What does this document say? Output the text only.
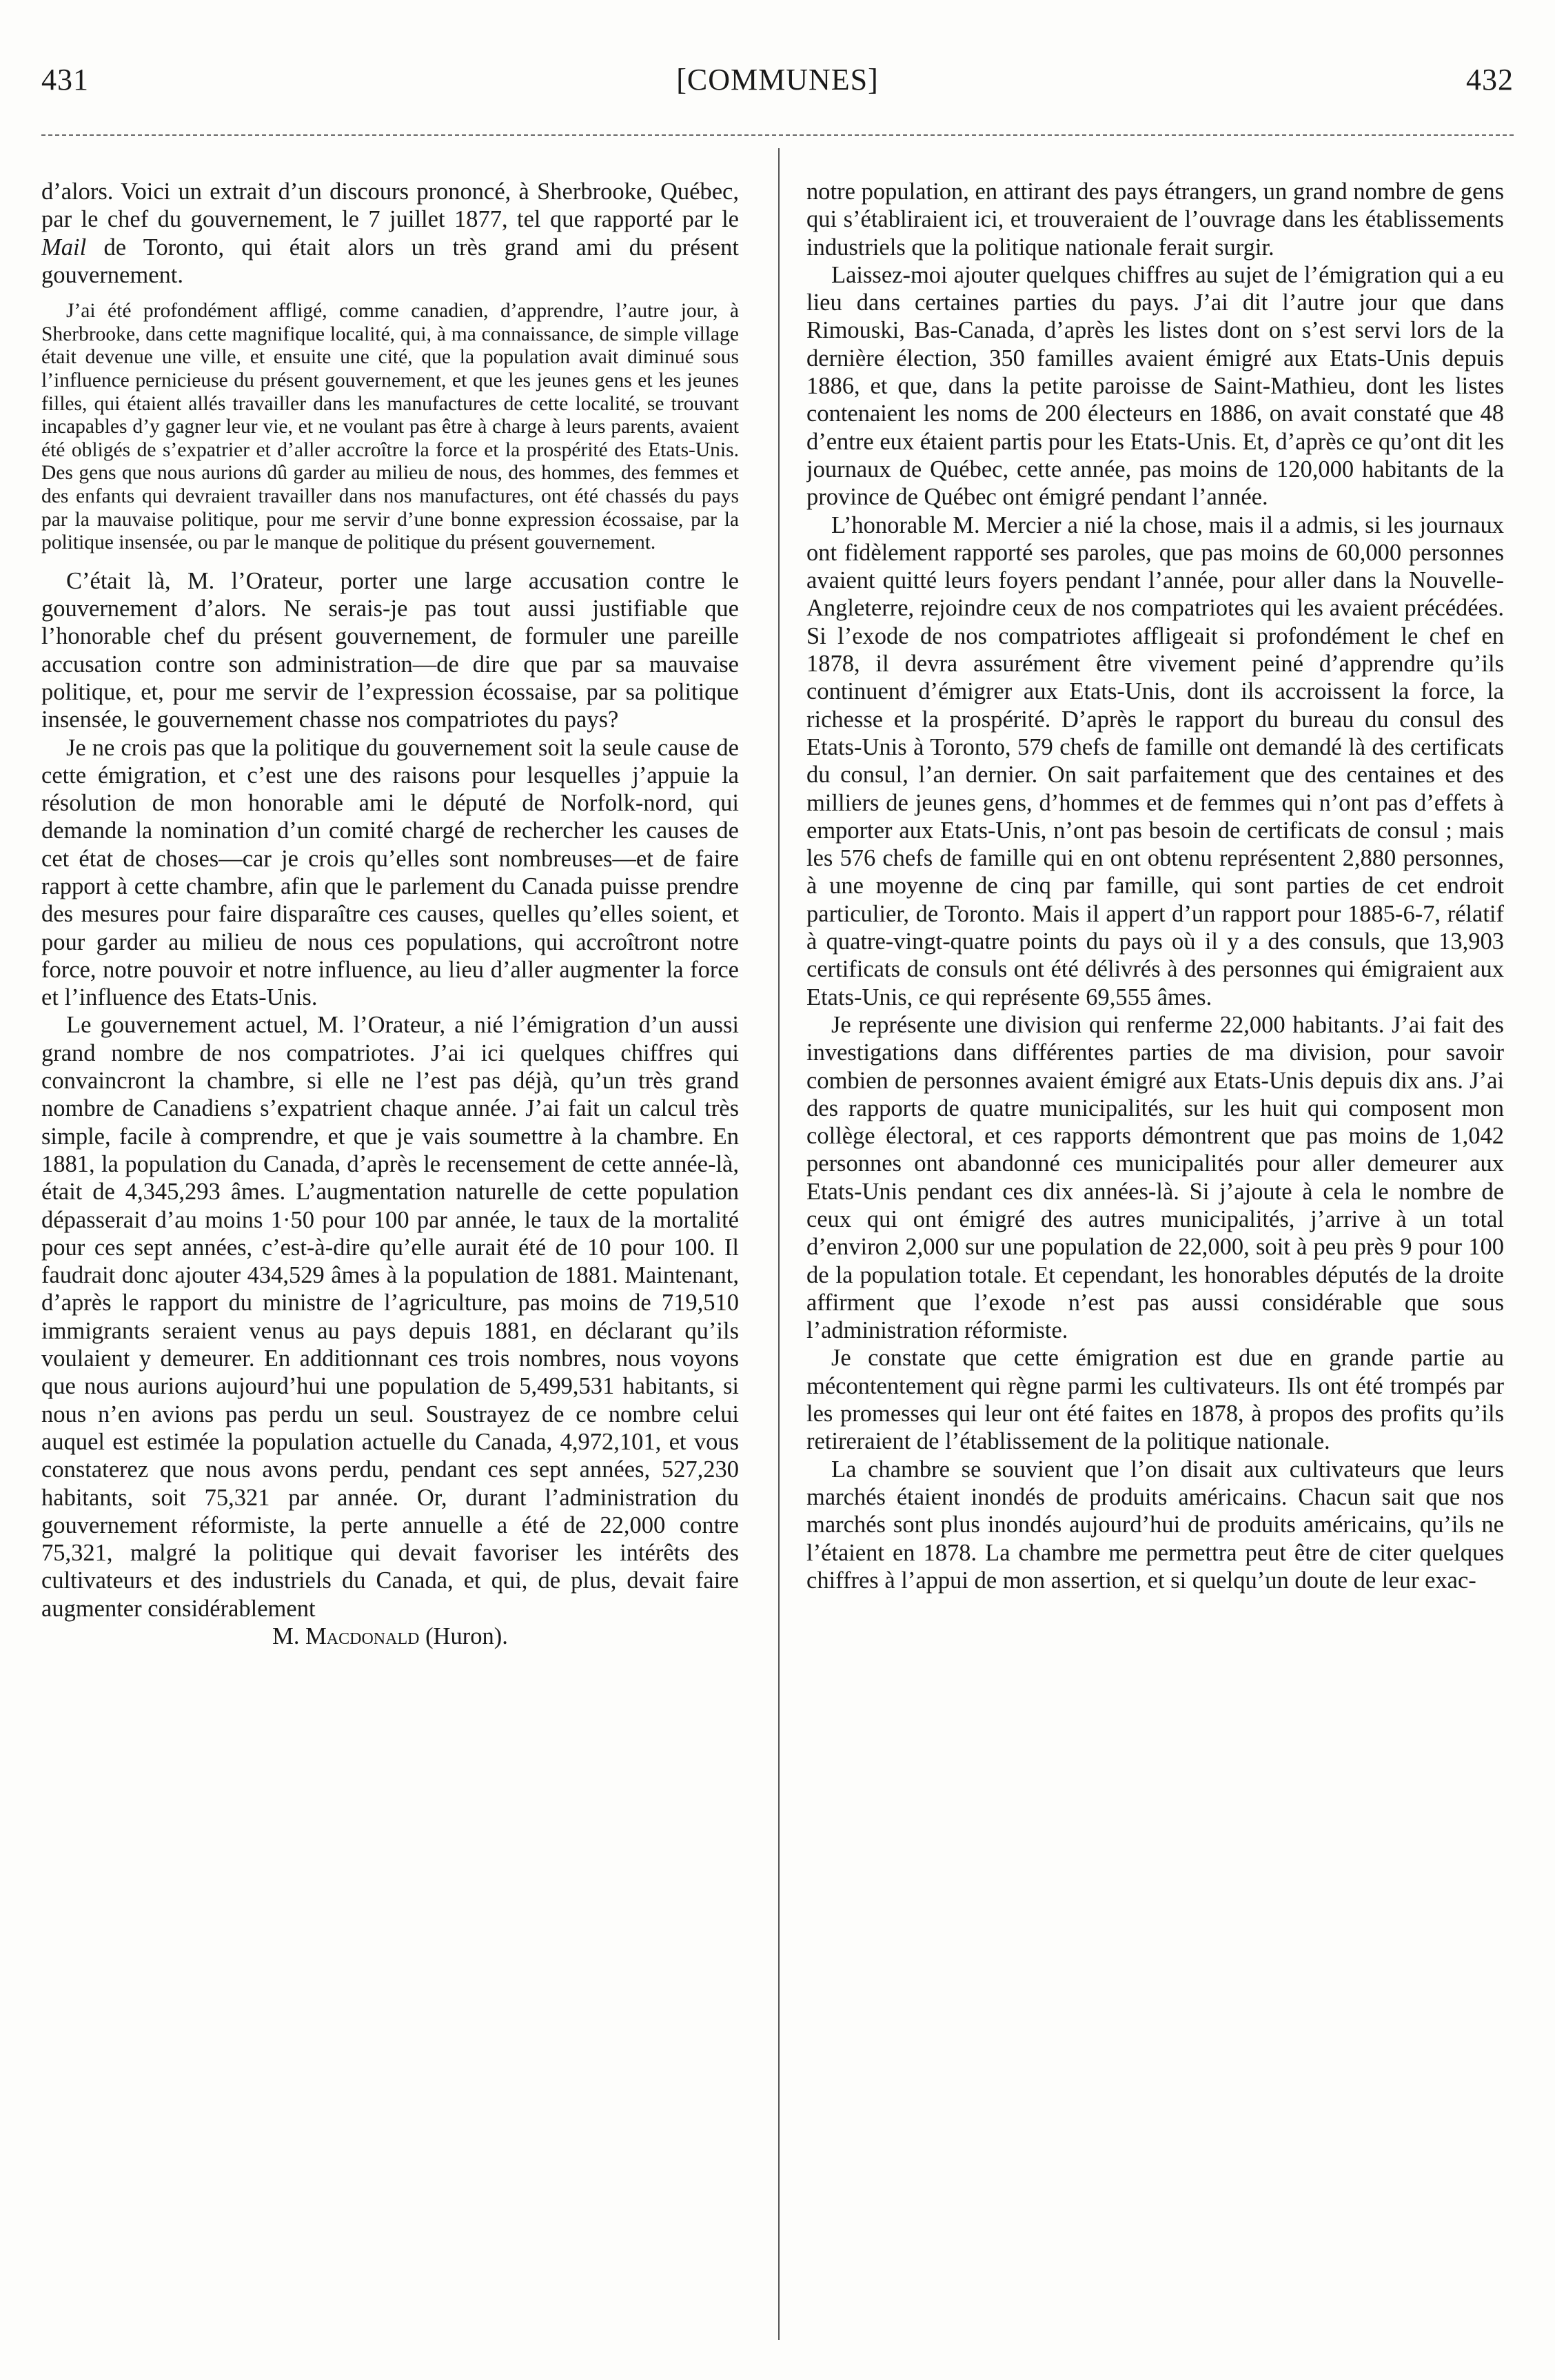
431	[COMMUNES]	432

d’alors. Voici un extrait d’un discours prononcé, à Sherbrooke, Québec, par le chef du gouvernement, le 7 juillet 1877, tel que rapporté par le Mail de Toronto, qui était alors un très grand ami du présent gouvernement.

J’ai été profondément affligé, comme canadien, d’apprendre, l’autre jour, à Sherbrooke, dans cette magnifique localité, qui, à ma connaissance, de simple village était devenue une ville, et ensuite une cité, que la population avait diminué sous l’influence pernicieuse du présent gouvernement, et que les jeunes gens et les jeunes filles, qui étaient allés travailler dans les manufactures de cette localité, se trouvant incapables d’y gagner leur vie, et ne voulant pas être à charge à leurs parents, avaient été obligés de s’expatrier et d’aller accroître la force et la prospérité des Etats-Unis. Des gens que nous aurions dû garder au milieu de nous, des hommes, des femmes et des enfants qui devraient travailler dans nos manufactures, ont été chassés du pays par la mauvaise politique, pour me servir d’une bonne expression écossaise, par la politique insensée, ou par le manque de politique du présent gouvernement.

C’était là, M. l’Orateur, porter une large accusation contre le gouvernement d’alors. Ne serais-je pas tout aussi justifiable que l’honorable chef du présent gouvernement, de formuler une pareille accusation contre son administration—de dire que par sa mauvaise politique, et, pour me servir de l’expression écossaise, par sa politique insensée, le gouvernement chasse nos compatriotes du pays?

Je ne crois pas que la politique du gouvernement soit la seule cause de cette émigration, et c’est une des raisons pour lesquelles j’appuie la résolution de mon honorable ami le député de Norfolk-nord, qui demande la nomination d’un comité chargé de rechercher les causes de cet état de choses—car je crois qu’elles sont nombreuses—et de faire rapport à cette chambre, afin que le parlement du Canada puisse prendre des mesures pour faire disparaître ces causes, quelles qu’elles soient, et pour garder au milieu de nous ces populations, qui accroîtront notre force, notre pouvoir et notre influence, au lieu d’aller augmenter la force et l’influence des Etats-Unis.

Le gouvernement actuel, M. l’Orateur, a nié l’émigration d’un aussi grand nombre de nos compatriotes. J’ai ici quelques chiffres qui convaincront la chambre, si elle ne l’est pas déjà, qu’un très grand nombre de Canadiens s’expatrient chaque année. J’ai fait un calcul très simple, facile à comprendre, et que je vais soumettre à la chambre. En 1881, la population du Canada, d’après le recensement de cette année-là, était de 4,345,293 âmes. L’augmentation naturelle de cette population dépasserait d’au moins 1·50 pour 100 par année, le taux de la mortalité pour ces sept années, c’est-à-dire qu’elle aurait été de 10 pour 100. Il faudrait donc ajouter 434,529 âmes à la population de 1881. Maintenant, d’après le rapport du ministre de l’agriculture, pas moins de 719,510 immigrants seraient venus au pays depuis 1881, en déclarant qu’ils voulaient y demeurer. En additionnant ces trois nombres, nous voyons que nous aurions aujourd’hui une population de 5,499,531 habitants, si nous n’en avions pas perdu un seul. Soustrayez de ce nombre celui auquel est estimée la population actuelle du Canada, 4,972,101, et vous constaterez que nous avons perdu, pendant ces sept années, 527,230 habitants, soit 75,321 par année. Or, durant l’administration du gouvernement réformiste, la perte annuelle a été de 22,000 contre 75,321, malgré la politique qui devait favoriser les intérêts des cultivateurs et des industriels du Canada, et qui, de plus, devait faire augmenter considérablement

M. Macdonald (Huron).

notre population, en attirant des pays étrangers, un grand nombre de gens qui s’établiraient ici, et trouveraient de l’ouvrage dans les établissements industriels que la politique nationale ferait surgir.

Laissez-moi ajouter quelques chiffres au sujet de l’émigration qui a eu lieu dans certaines parties du pays. J’ai dit l’autre jour que dans Rimouski, Bas-Canada, d’après les listes dont on s’est servi lors de la dernière élection, 350 familles avaient émigré aux Etats-Unis depuis 1886, et que, dans la petite paroisse de Saint-Mathieu, dont les listes contenaient les noms de 200 électeurs en 1886, on avait constaté que 48 d’entre eux étaient partis pour les Etats-Unis. Et, d’après ce qu’ont dit les journaux de Québec, cette année, pas moins de 120,000 habitants de la province de Québec ont émigré pendant l’année.

L’honorable M. Mercier a nié la chose, mais il a admis, si les journaux ont fidèlement rapporté ses paroles, que pas moins de 60,000 personnes avaient quitté leurs foyers pendant l’année, pour aller dans la Nouvelle-Angleterre, rejoindre ceux de nos compatriotes qui les avaient précédées. Si l’exode de nos compatriotes affligeait si profondément le chef en 1878, il devra assurément être vivement peiné d’apprendre qu’ils continuent d’émigrer aux Etats-Unis, dont ils accroissent la force, la richesse et la prospérité. D’après le rapport du bureau du consul des Etats-Unis à Toronto, 579 chefs de famille ont demandé là des certificats du consul, l’an dernier. On sait parfaitement que des centaines et des milliers de jeunes gens, d’hommes et de femmes qui n’ont pas d’effets à emporter aux Etats-Unis, n’ont pas besoin de certificats de consul ; mais les 576 chefs de famille qui en ont obtenu représentent 2,880 personnes, à une moyenne de cinq par famille, qui sont parties de cet endroit particulier, de Toronto. Mais il appert d’un rapport pour 1885-6-7, rélatif à quatre-vingt-quatre points du pays où il y a des consuls, que 13,903 certificats de consuls ont été délivrés à des personnes qui émigraient aux Etats-Unis, ce qui représente 69,555 âmes.

Je représente une division qui renferme 22,000 habitants. J’ai fait des investigations dans différentes parties de ma division, pour savoir combien de personnes avaient émigré aux Etats-Unis depuis dix ans. J’ai des rapports de quatre municipalités, sur les huit qui composent mon collège électoral, et ces rapports démontrent que pas moins de 1,042 personnes ont abandonné ces municipalités pour aller demeurer aux Etats-Unis pendant ces dix années-là. Si j’ajoute à cela le nombre de ceux qui ont émigré des autres municipalités, j’arrive à un total d’environ 2,000 sur une population de 22,000, soit à peu près 9 pour 100 de la population totale. Et cependant, les honorables députés de la droite affirment que l’exode n’est pas aussi considérable que sous l’administration réformiste.

Je constate que cette émigration est due en grande partie au mécontentement qui règne parmi les cultivateurs. Ils ont été trompés par les promesses qui leur ont été faites en 1878, à propos des profits qu’ils retireraient de l’établissement de la politique nationale.

La chambre se souvient que l’on disait aux cultivateurs que leurs marchés étaient inondés de produits américains. Chacun sait que nos marchés sont plus inondés aujourd’hui de produits américains, qu’ils ne l’étaient en 1878. La chambre me permettra peut être de citer quelques chiffres à l’appui de mon assertion, et si quelqu’un doute de leur exac-
